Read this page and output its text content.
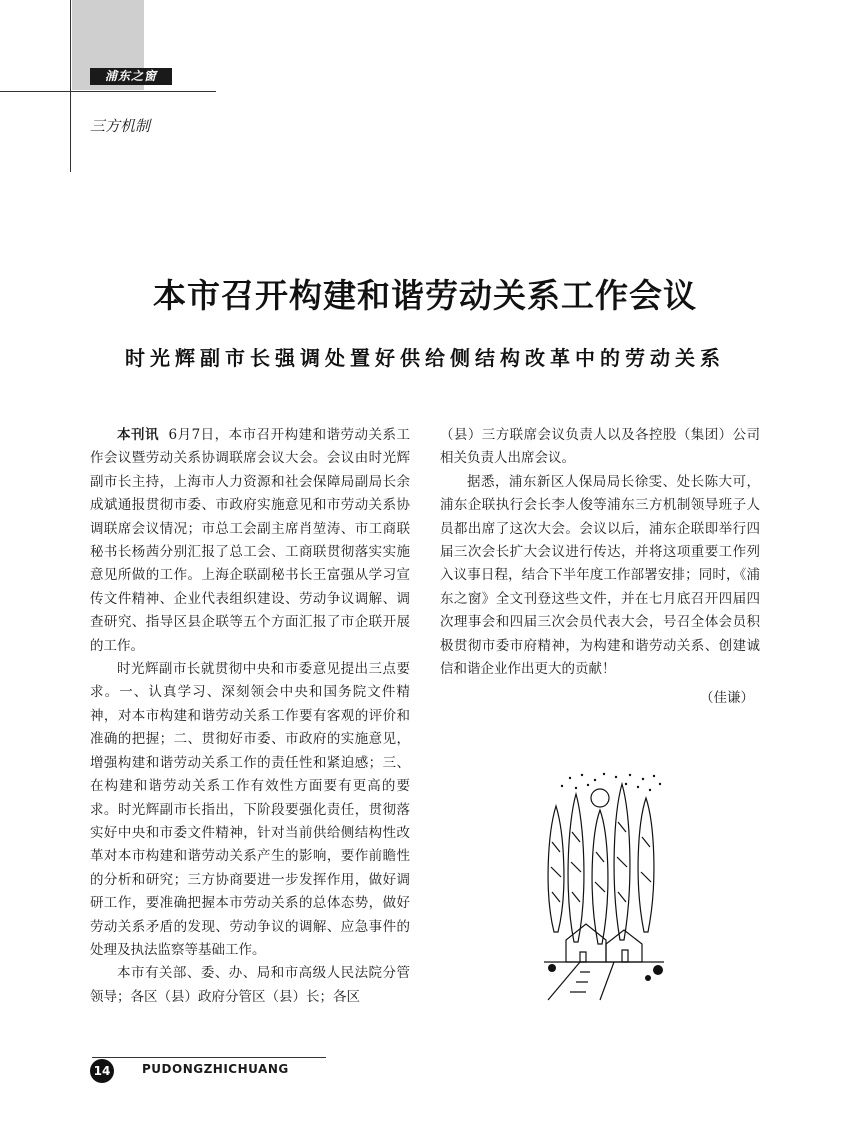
浦东之窗
三方机制
本市召开构建和谐劳动关系工作会议
时光辉副市长强调处置好供给侧结构改革中的劳动关系

本刊讯 6月7日，本市召开构建和谐劳动关系工作会议暨劳动关系协调联席会议大会。会议由时光辉副市长主持，上海市人力资源和社会保障局副局长余成斌通报贯彻市委、市政府实施意见和市劳动关系协调联席会议情况；市总工会副主席肖堃涛、市工商联秘书长杨茜分别汇报了总工会、工商联贯彻落实实施意见所做的工作。上海企联副秘书长王富强从学习宣传文件精神、企业代表组织建设、劳动争议调解、调查研究、指导区县企联等五个方面汇报了市企联开展的工作。

时光辉副市长就贯彻中央和市委意见提出三点要求。一、认真学习、深刻领会中央和国务院文件精神，对本市构建和谐劳动关系工作要有客观的评价和准确的把握；二、贯彻好市委、市政府的实施意见，增强构建和谐劳动关系工作的责任性和紧迫感；三、在构建和谐劳动关系工作有效性方面要有更高的要求。时光辉副市长指出，下阶段要强化责任，贯彻落实好中央和市委文件精神，针对当前供给侧结构性改革对本市构建和谐劳动关系产生的影响，要作前瞻性的分析和研究；三方协商要进一步发挥作用，做好调研工作，要准确把握本市劳动关系的总体态势，做好劳动关系矛盾的发现、劳动争议的调解、应急事件的处理及执法监察等基础工作。

本市有关部、委、办、局和市高级人民法院分管领导；各区（县）政府分管区（县）长；各区

（县）三方联席会议负责人以及各控股（集团）公司相关负责人出席会议。

据悉，浦东新区人保局局长徐雯、处长陈大可，浦东企联执行会长李人俊等浦东三方机制领导班子人员都出席了这次大会。会议以后，浦东企联即举行四届三次会长扩大会议进行传达，并将这项重要工作列入议事日程，结合下半年度工作部署安排；同时，《浦东之窗》全文刊登这些文件，并在七月底召开四届四次理事会和四届三次会员代表大会，号召全体会员积极贯彻市委市府精神，为构建和谐劳动关系、创建诚信和谐企业作出更大的贡献！

（佳谦）

14	PUDONGZHICHUANG
